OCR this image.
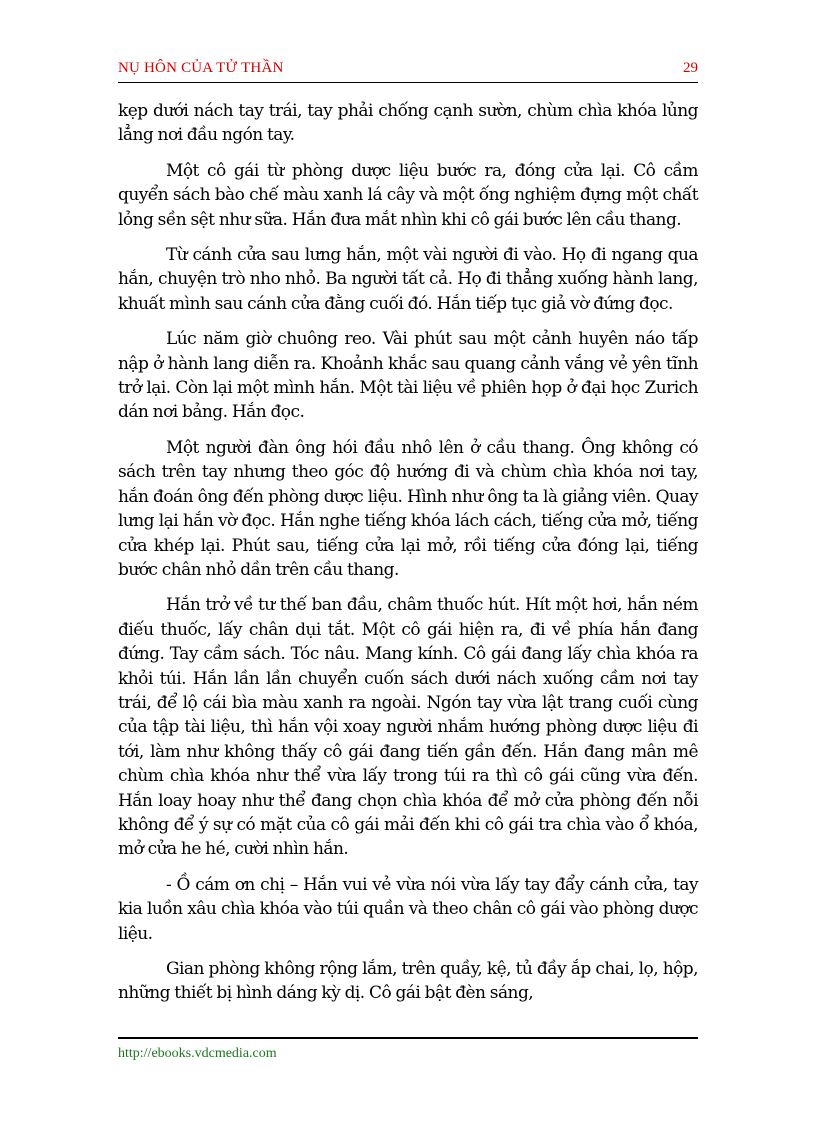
NỤ HÔN CỦA TỬ THẦN	29

kẹp dưới nách tay trái, tay phải chống cạnh sườn, chùm chìa khóa lủng lẳng nơi đầu ngón tay.

Một cô gái từ phòng dược liệu bước ra, đóng cửa lại. Cô cầm quyển sách bào chế màu xanh lá cây và một ống nghiệm đựng một chất lỏng sền sệt như sữa. Hắn đưa mắt nhìn khi cô gái bước lên cầu thang.

Từ cánh cửa sau lưng hắn, một vài người đi vào. Họ đi ngang qua hắn, chuyện trò nho nhỏ. Ba người tất cả. Họ đi thẳng xuống hành lang, khuất mình sau cánh cửa đằng cuối đó. Hắn tiếp tục giả vờ đứng đọc.

Lúc năm giờ chuông reo. Vài phút sau một cảnh huyên náo tấp nập ở hành lang diễn ra. Khoảnh khắc sau quang cảnh vắng vẻ yên tĩnh trở lại. Còn lại một mình hắn. Một tài liệu về phiên họp ở đại học Zurich dán nơi bảng. Hắn đọc.

Một người đàn ông hói đầu nhô lên ở cầu thang. Ông không có sách trên tay nhưng theo góc độ hướng đi và chùm chìa khóa nơi tay, hắn đoán ông đến phòng dược liệu. Hình như ông ta là giảng viên. Quay lưng lại hắn vờ đọc. Hắn nghe tiếng khóa lách cách, tiếng cửa mở, tiếng cửa khép lại. Phút sau, tiếng cửa lại mở, rồi tiếng cửa đóng lại, tiếng bước chân nhỏ dần trên cầu thang.

Hắn trở về tư thế ban đầu, châm thuốc hút. Hít một hơi, hắn ném điếu thuốc, lấy chân dụi tắt. Một cô gái hiện ra, đi về phía hắn đang đứng. Tay cầm sách. Tóc nâu. Mang kính. Cô gái đang lấy chìa khóa ra khỏi túi. Hắn lần lần chuyển cuốn sách dưới nách xuống cầm nơi tay trái, để lộ cái bìa màu xanh ra ngoài. Ngón tay vừa lật trang cuối cùng của tập tài liệu, thì hắn vội xoay người nhắm hướng phòng dược liệu đi tới, làm như không thấy cô gái đang tiến gần đến. Hắn đang mân mê chùm chìa khóa như thể vừa lấy trong túi ra thì cô gái cũng vừa đến. Hắn loay hoay như thể đang chọn chìa khóa để mở cửa phòng đến nỗi không để ý sự có mặt của cô gái mải đến khi cô gái tra chìa vào ổ khóa, mở cửa he hé, cười nhìn hắn.

- Ồ cám ơn chị – Hắn vui vẻ vừa nói vừa lấy tay đẩy cánh cửa, tay kia luồn xâu chìa khóa vào túi quần và theo chân cô gái vào phòng dược liệu.

Gian phòng không rộng lắm, trên quầy, kệ, tủ đầy ắp chai, lọ, hộp, những thiết bị hình dáng kỳ dị. Cô gái bật đèn sáng,

http://ebooks.vdcmedia.com
